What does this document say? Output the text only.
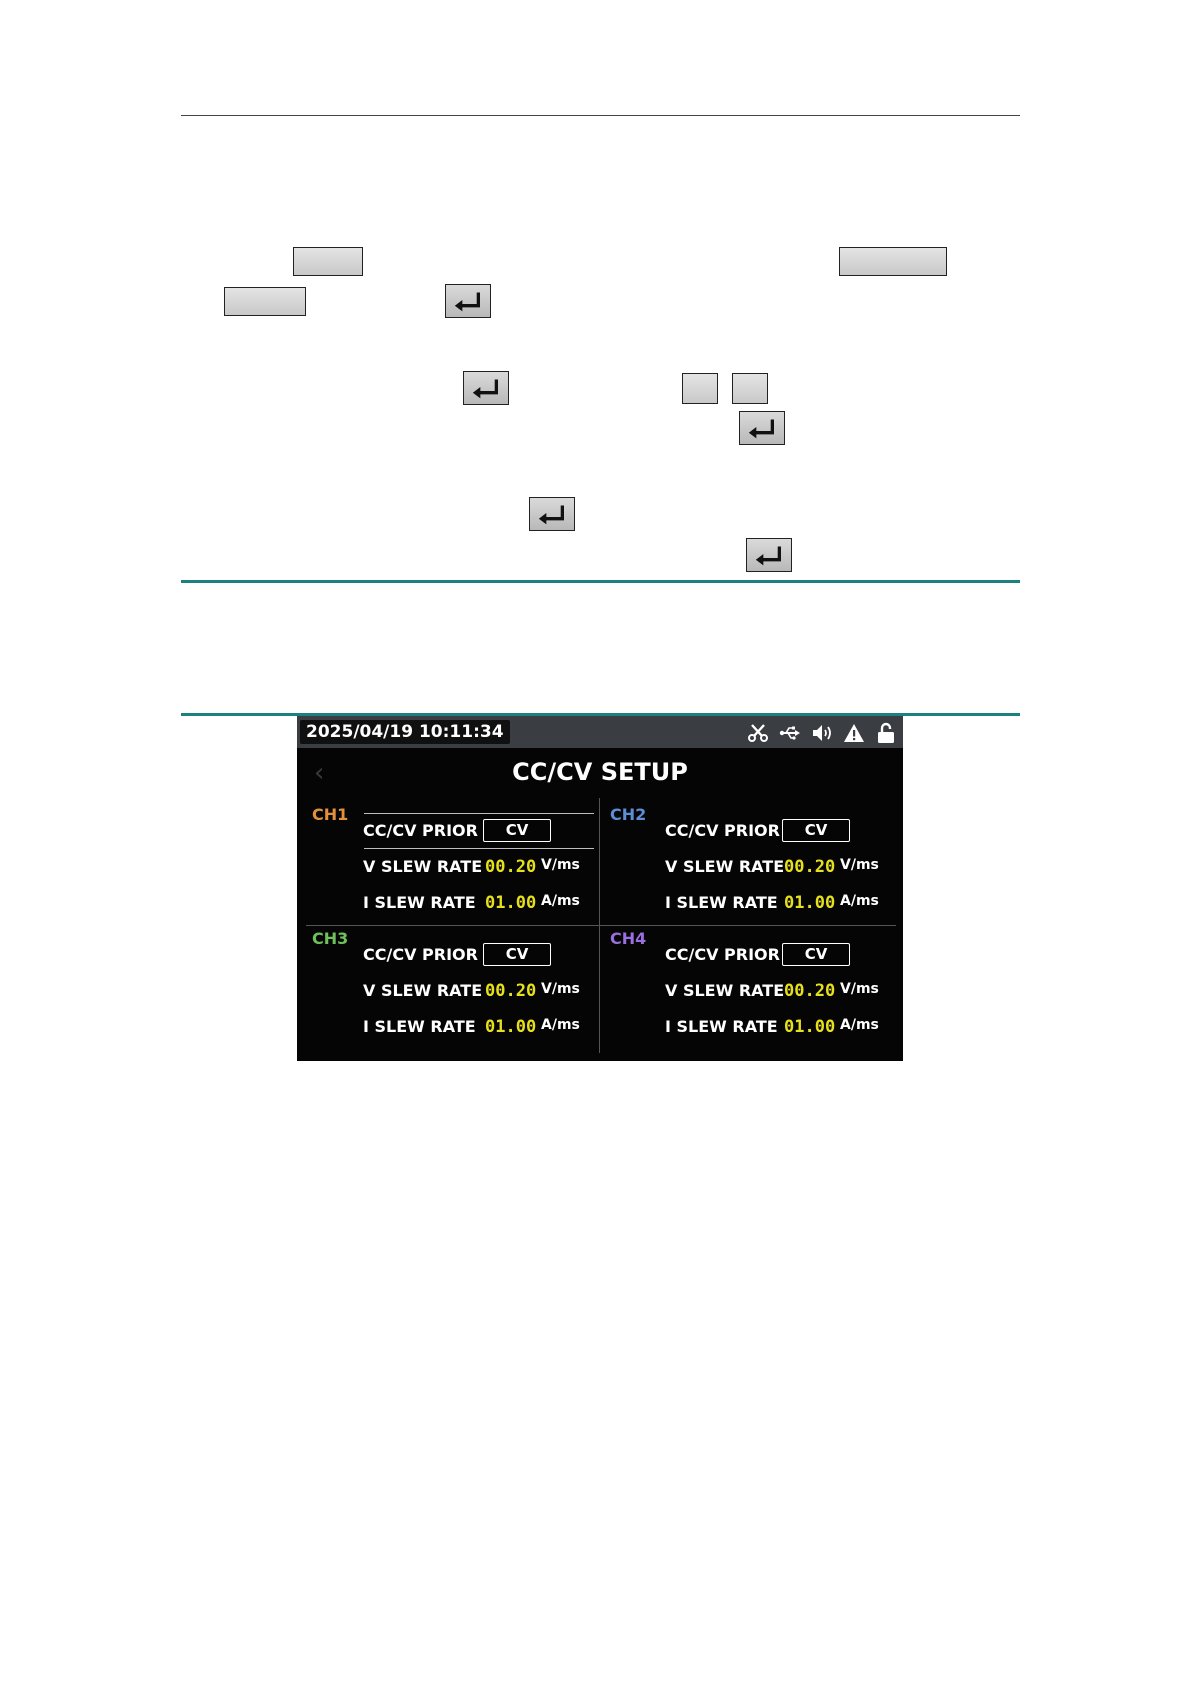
2025/04/19 10:11:34
‹	CC/CV SETUP
CH1
CC/CV PRIOR	CV
V SLEW RATE 00.20 V/ms
I SLEW RATE 01.00 A/ms
CH2
CC/CV PRIOR	CV
V SLEW RATE 00.20 V/ms
I SLEW RATE 01.00 A/ms
CH3
CC/CV PRIOR	CV
V SLEW RATE 00.20 V/ms
I SLEW RATE 01.00 A/ms
CH4
CC/CV PRIOR	CV
V SLEW RATE 00.20 V/ms
I SLEW RATE 01.00 A/ms
